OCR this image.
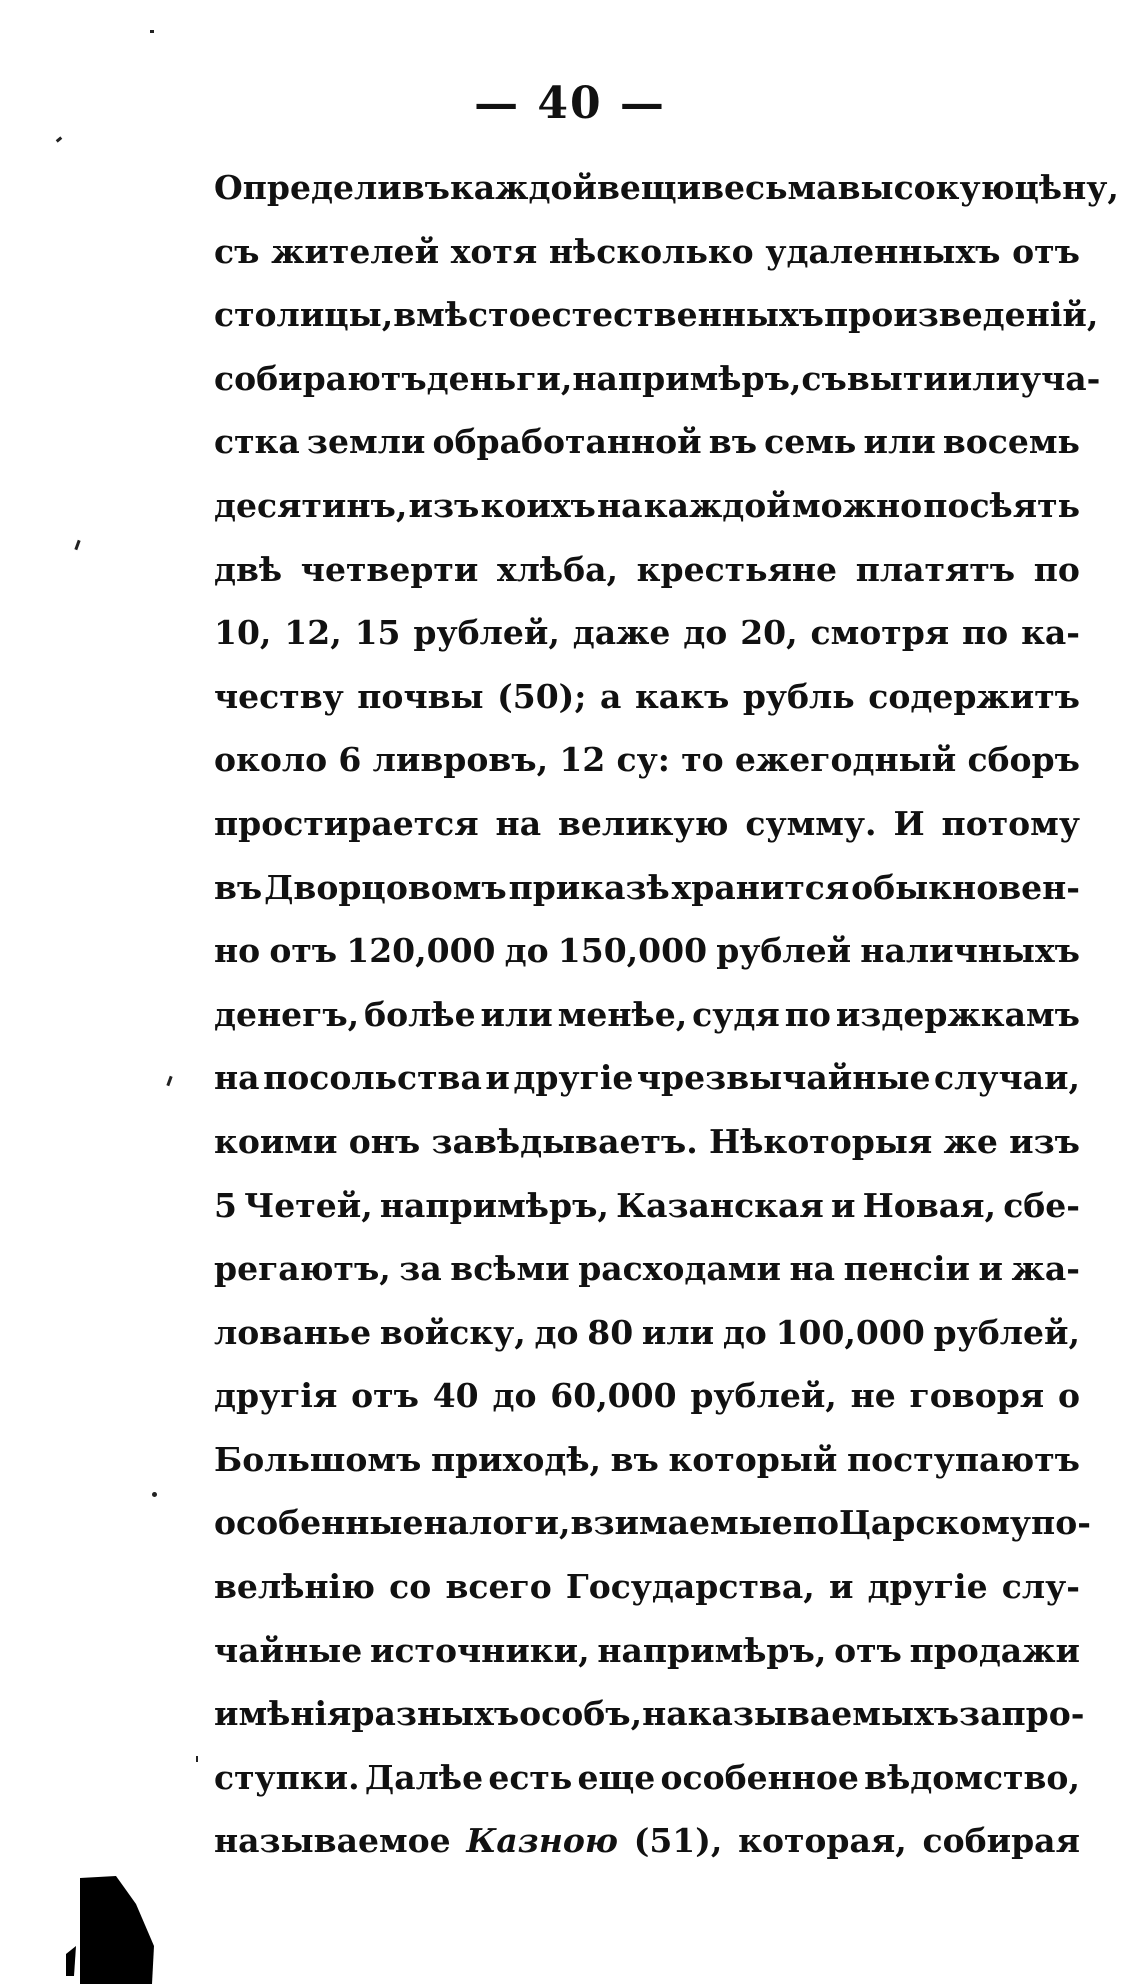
— 40 —
Определивъ каждой вещи весьма высокую цѣну,
съ жителей хотя нѣсколько удаленныхъ отъ
столицы, вмѣсто естественныхъ произведеній,
собираютъ деньги, напримѣръ, съ выти или уча-
стка земли обработанной въ семь или восемь
десятинъ, изъ коихъ на каждой можно посѣять
двѣ четверти хлѣба, крестьяне платятъ по
10, 12, 15 рублей, даже до 20, смотря по ка-
честву почвы (50); а какъ рубль содержитъ
около 6 ливровъ, 12 су: то ежегодный сборъ
простирается на великую сумму. И потому
въ Дворцовомъ приказѣ хранится обыкновен-
но отъ 120,000 до 150,000 рублей наличныхъ
денегъ, болѣе или менѣе, судя по издержкамъ
на посольства и другіе чрезвычайные случаи,
коими онъ завѣдываетъ. Нѣкоторыя же изъ
5 Четей, напримѣръ, Казанская и Новая, сбе-
регаютъ, за всѣми расходами на пенсіи и жа-
лованье войску, до 80 или до 100,000 рублей,
другія отъ 40 до 60,000 рублей, не говоря о
Большомъ приходѣ, въ который поступаютъ
особенные налоги, взимаемые по Царскому по-
велѣнію со всего Государства, и другіе слу-
чайные источники, напримѣръ, отъ продажи
имѣнія разныхъ особъ, наказываемыхъ за про-
ступки. Далѣе есть еще особенное вѣдомство,
называемое Казною (51), которая, собирая
